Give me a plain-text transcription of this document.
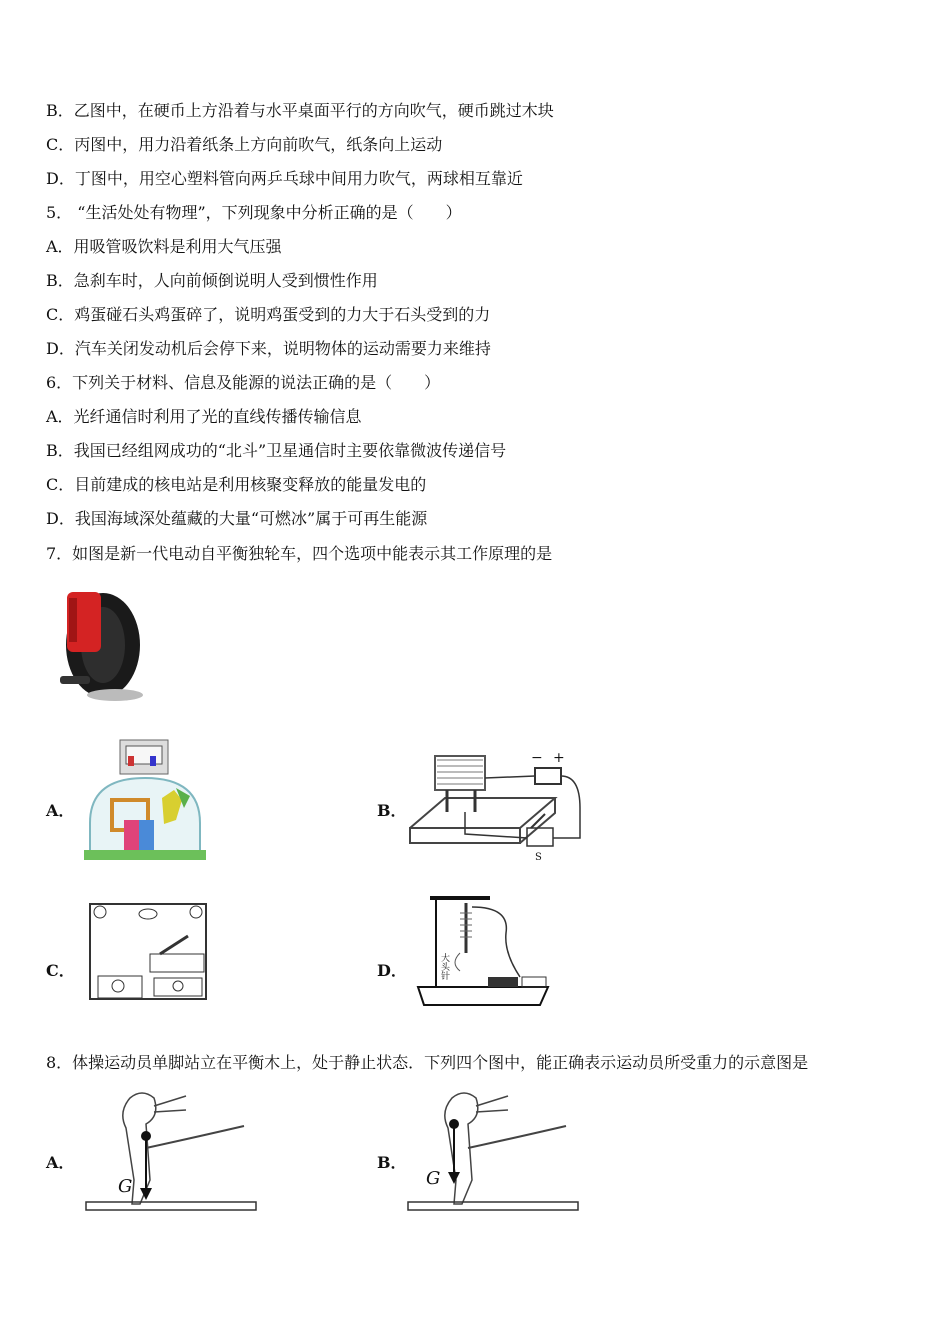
B．乙图中，在硬币上方沿着与水平桌面平行的方向吹气，硬币跳过木块
C．丙图中，用力沿着纸条上方向前吹气，纸条向上运动
D．丁图中，用空心塑料管向两乒乓球中间用力吹气，两球相互靠近
5． “生活处处有物理”，下列现象中分析正确的是（　　）
A．用吸管吸饮料是利用大气压强
B．急刹车时，人向前倾倒说明人受到惯性作用
C．鸡蛋碰石头鸡蛋碎了，说明鸡蛋受到的力大于石头受到的力
D．汽车关闭发动机后会停下来，说明物体的运动需要力来维持
6．下列关于材料、信息及能源的说法正确的是（　　）
A．光纤通信时利用了光的直线传播传输信息
B．我国已经组网成功的“北斗”卫星通信时主要依靠微波传递信号
C．目前建成的核电站是利用核聚变释放的能量发电的
D．我国海域深处蕴藏的大量“可燃冰”属于可再生能源
7．如图是新一代电动自平衡独轮车，四个选项中能表示其工作原理的是
A．	B．
− +
S
C．	D．	大头针
8．体操运动员单脚站立在平衡木上，处于静止状态．下列四个图中，能正确表示运动员所受重力的示意图是
A．
G
B．
G
